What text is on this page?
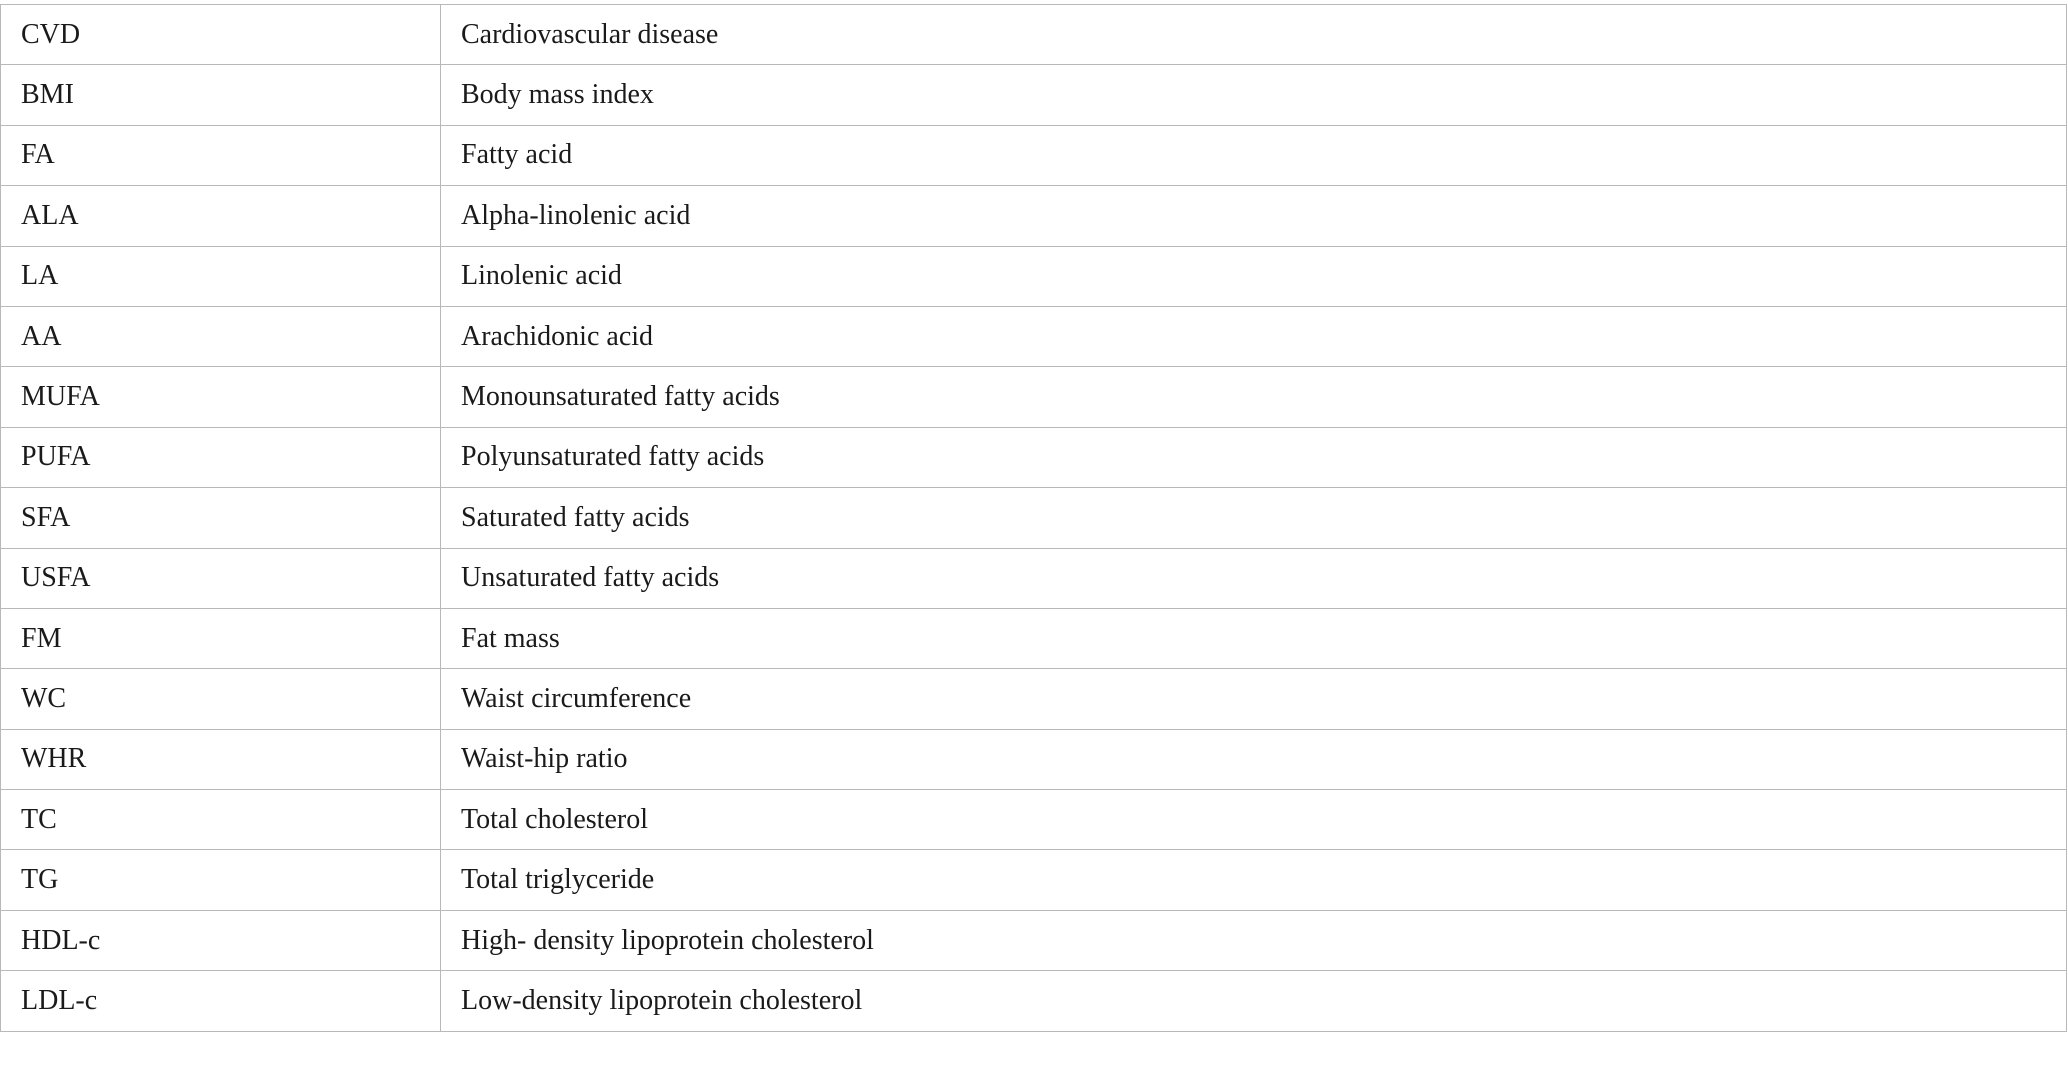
CVD	Cardiovascular disease
BMI	Body mass index
FA	Fatty acid
ALA	Alpha-linolenic acid
LA	Linolenic acid
AA	Arachidonic acid
MUFA	Monounsaturated fatty acids
PUFA	Polyunsaturated fatty acids
SFA	Saturated fatty acids
USFA	Unsaturated fatty acids
FM	Fat mass
WC	Waist circumference
WHR	Waist-hip ratio
TC	Total cholesterol
TG	Total triglyceride
HDL-c	High- density lipoprotein cholesterol
LDL-c	Low-density lipoprotein cholesterol
